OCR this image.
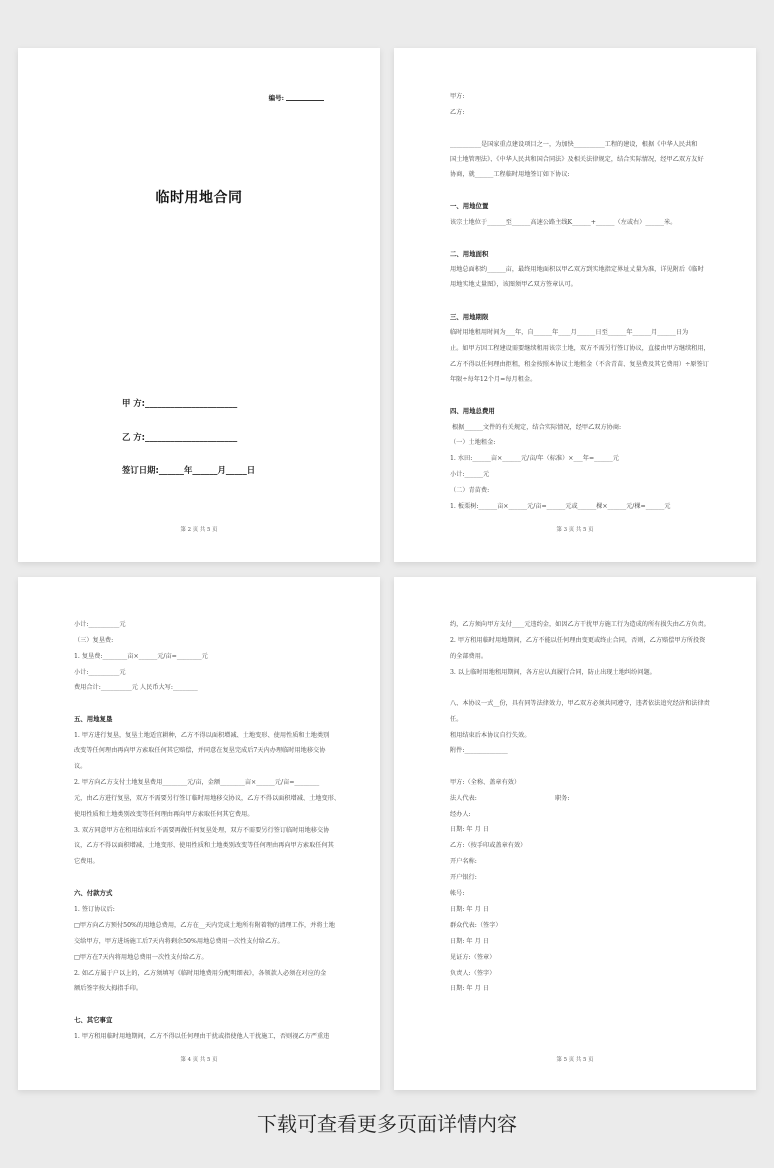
编号:
临时用地合同
甲 方:______________________
乙 方:______________________
签订日期:______年______月_____日
第 2 页 共 5 页
甲方:
乙方:
__________是国家重点建设项目之一，为加快__________工程的建设，根据《中华人民共和
国土地管理法》、《中华人民共和国合同法》及相关法律规定，结合实际情况，经甲乙双方友好
协商，就______工程临时用地签订如下协议:
一、用地位置
该宗土地位于______至______高速公路主线K______+______（左或右）______米。
二、用地面积
用地总面积约______亩，最终用地面积以甲乙双方到实地指定界址丈量为准，详见附后《临时
用地实地丈量图》，该图须甲乙双方签章认可。
三、用地期限
临时用地租用时间为___年，自______年____月______日至______年______月______日为
止。如甲方因工程建设需要继续租用该宗土地，双方不需另行签订协议，直接由甲方继续租用，
乙方不得以任何理由拒租，租金按照本协议土地租金（不含青苗、复垦费及其它费用）÷原签订
年限÷每年12个月=每月租金。
四、用地总费用
根据______文件的有关规定，结合实际情况，经甲乙双方协商:
（一）土地租金:
1. 水田:______亩×______元/亩/年（标准）×___年=______元
小计:______元
（二）青苗费:
1. 板栗树:______亩×______元/亩=______元或______棵×______元/棵=______元
第 3 页 共 5 页
小计:__________元
（三）复垦费:
1. 复垦费:________亩×______元/亩=________元
小计:__________元
费用合计:__________元 人民币大写:________
五、用地复垦
1. 甲方进行复垦，复垦土地适宜耕种，乙方不得以面积增减、土地变形、使用性质和土地类别
改变等任何理由再向甲方索取任何其它赔偿，并同意在复垦完成后7天内办理临时用地移交协
议。
2. 甲方向乙方支付土地复垦费用________元/亩，金额________亩×______元/亩=________
元，由乙方进行复垦，双方不需要另行签订临时用地移交协议，乙方不得以面积增减、土地变形、
使用性质和土地类别改变等任何理由再向甲方索取任何其它费用。
3. 双方同意甲方在租用结束后不需要再做任何复垦处理，双方不需要另行签订临时用地移交协
议，乙方不得以面积增减、土地变形、使用性质和土地类别改变等任何理由再向甲方索取任何其
它费用。
六、付款方式
1. 签订协议后:
□甲方向乙方预付50%的用地总费用，乙方在__天内完成土地所有附着物的清理工作，并将土地
交给甲方，甲方进场施工后7天内将剩余50%用地总费用一次性支付给乙方。
□甲方在7天内将用地总费用一次性支付给乙方。
2. 如乙方属于户以上的，乙方须填写《临时用地费用分配明细表》，各领款人必须在对应的金
额后签字按大拇指手印。
七、其它事宜
1. 甲方租用临时用地期间，乙方不得以任何理由干扰或指使他人干扰施工，否则视乙方严重违
第 4 页 共 5 页
约，乙方须向甲方支付____元违约金，如因乙方干扰甲方施工行为造成的所有损失由乙方负责。
2. 甲方租用临时用地期间，乙方不能以任何理由变更或终止合同，否则，乙方赔偿甲方所投资
的全部费用。
3. 以上临时用地租用期间，各方应认真履行合同，防止出现土地纠纷问题。
八、本协议一式__份，具有同等法律效力，甲乙双方必须共同遵守，违者依法追究经济和法律责
任。
租用结束后本协议自行失效。
附件:______________
甲方:（全称、盖章有效）
法人代表:	职务:
经办人:
日期: 年 月 日
乙方:（按手印或盖章有效）
开户名称:
开户银行:
帐号:
日期: 年 月 日
群众代表:（签字）
日期: 年 月 日
见证方:（签章）
负责人:（签字）
日期: 年 月 日
第 5 页 共 5 页
下载可查看更多页面详情内容
